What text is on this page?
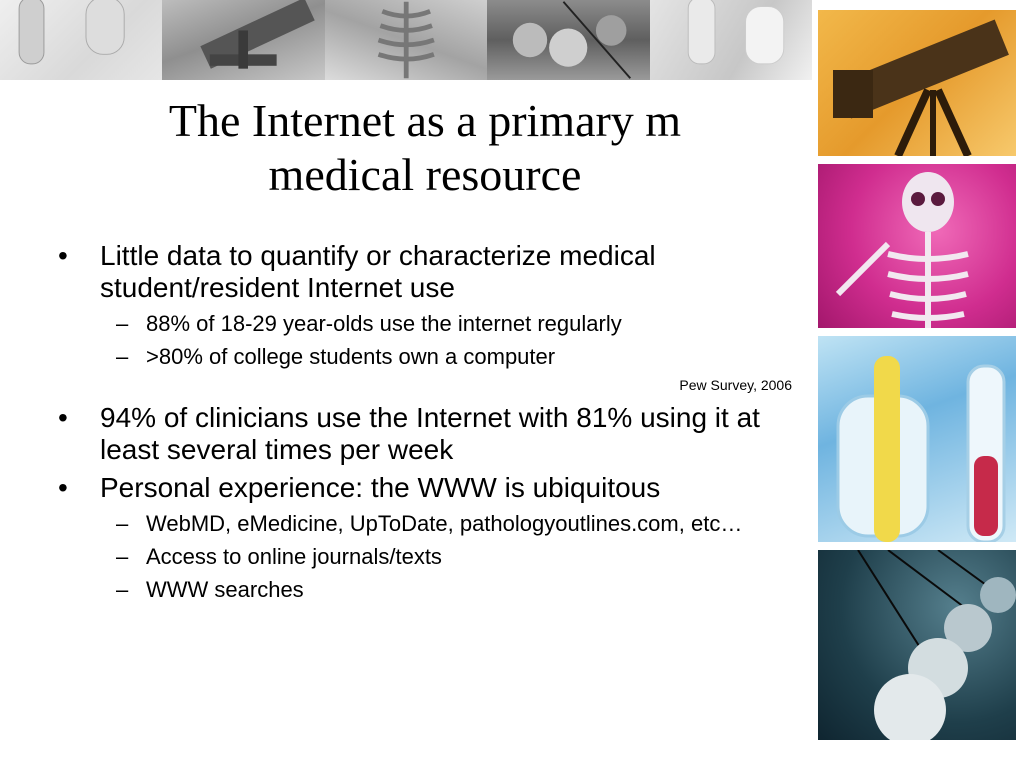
The Internet as a primary m
medical resource
• Little data to quantify or characterize medical student/resident Internet use
– 88% of 18-29 year-olds use the internet regularly
– >80% of college students own a computer
Pew Survey, 2006
• 94% of clinicians use the Internet with 81% using it at least several times per week
• Personal experience: the WWW is ubiquitous
– WebMD, eMedicine, UpToDate, pathologyoutlines.com, etc…
– Access to online journals/texts
– WWW searches
